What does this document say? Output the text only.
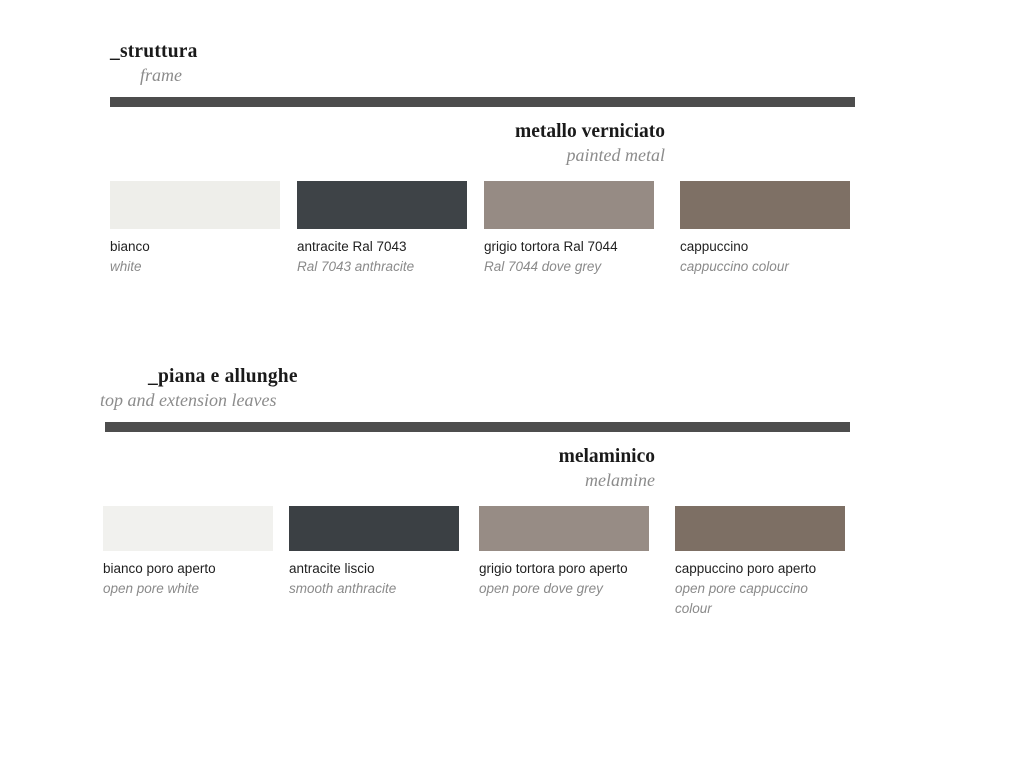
_struttura
frame
metallo verniciato
painted metal
bianco
white
antracite Ral 7043
Ral 7043 anthracite
grigio tortora Ral 7044
Ral 7044 dove grey
cappuccino
cappuccino colour
_piana e allunghe
top and extension leaves
melaminico
melamine
bianco poro aperto
open pore white
antracite liscio
smooth anthracite
grigio tortora poro aperto
open pore dove grey
cappuccino poro aperto
open pore cappuccino colour
